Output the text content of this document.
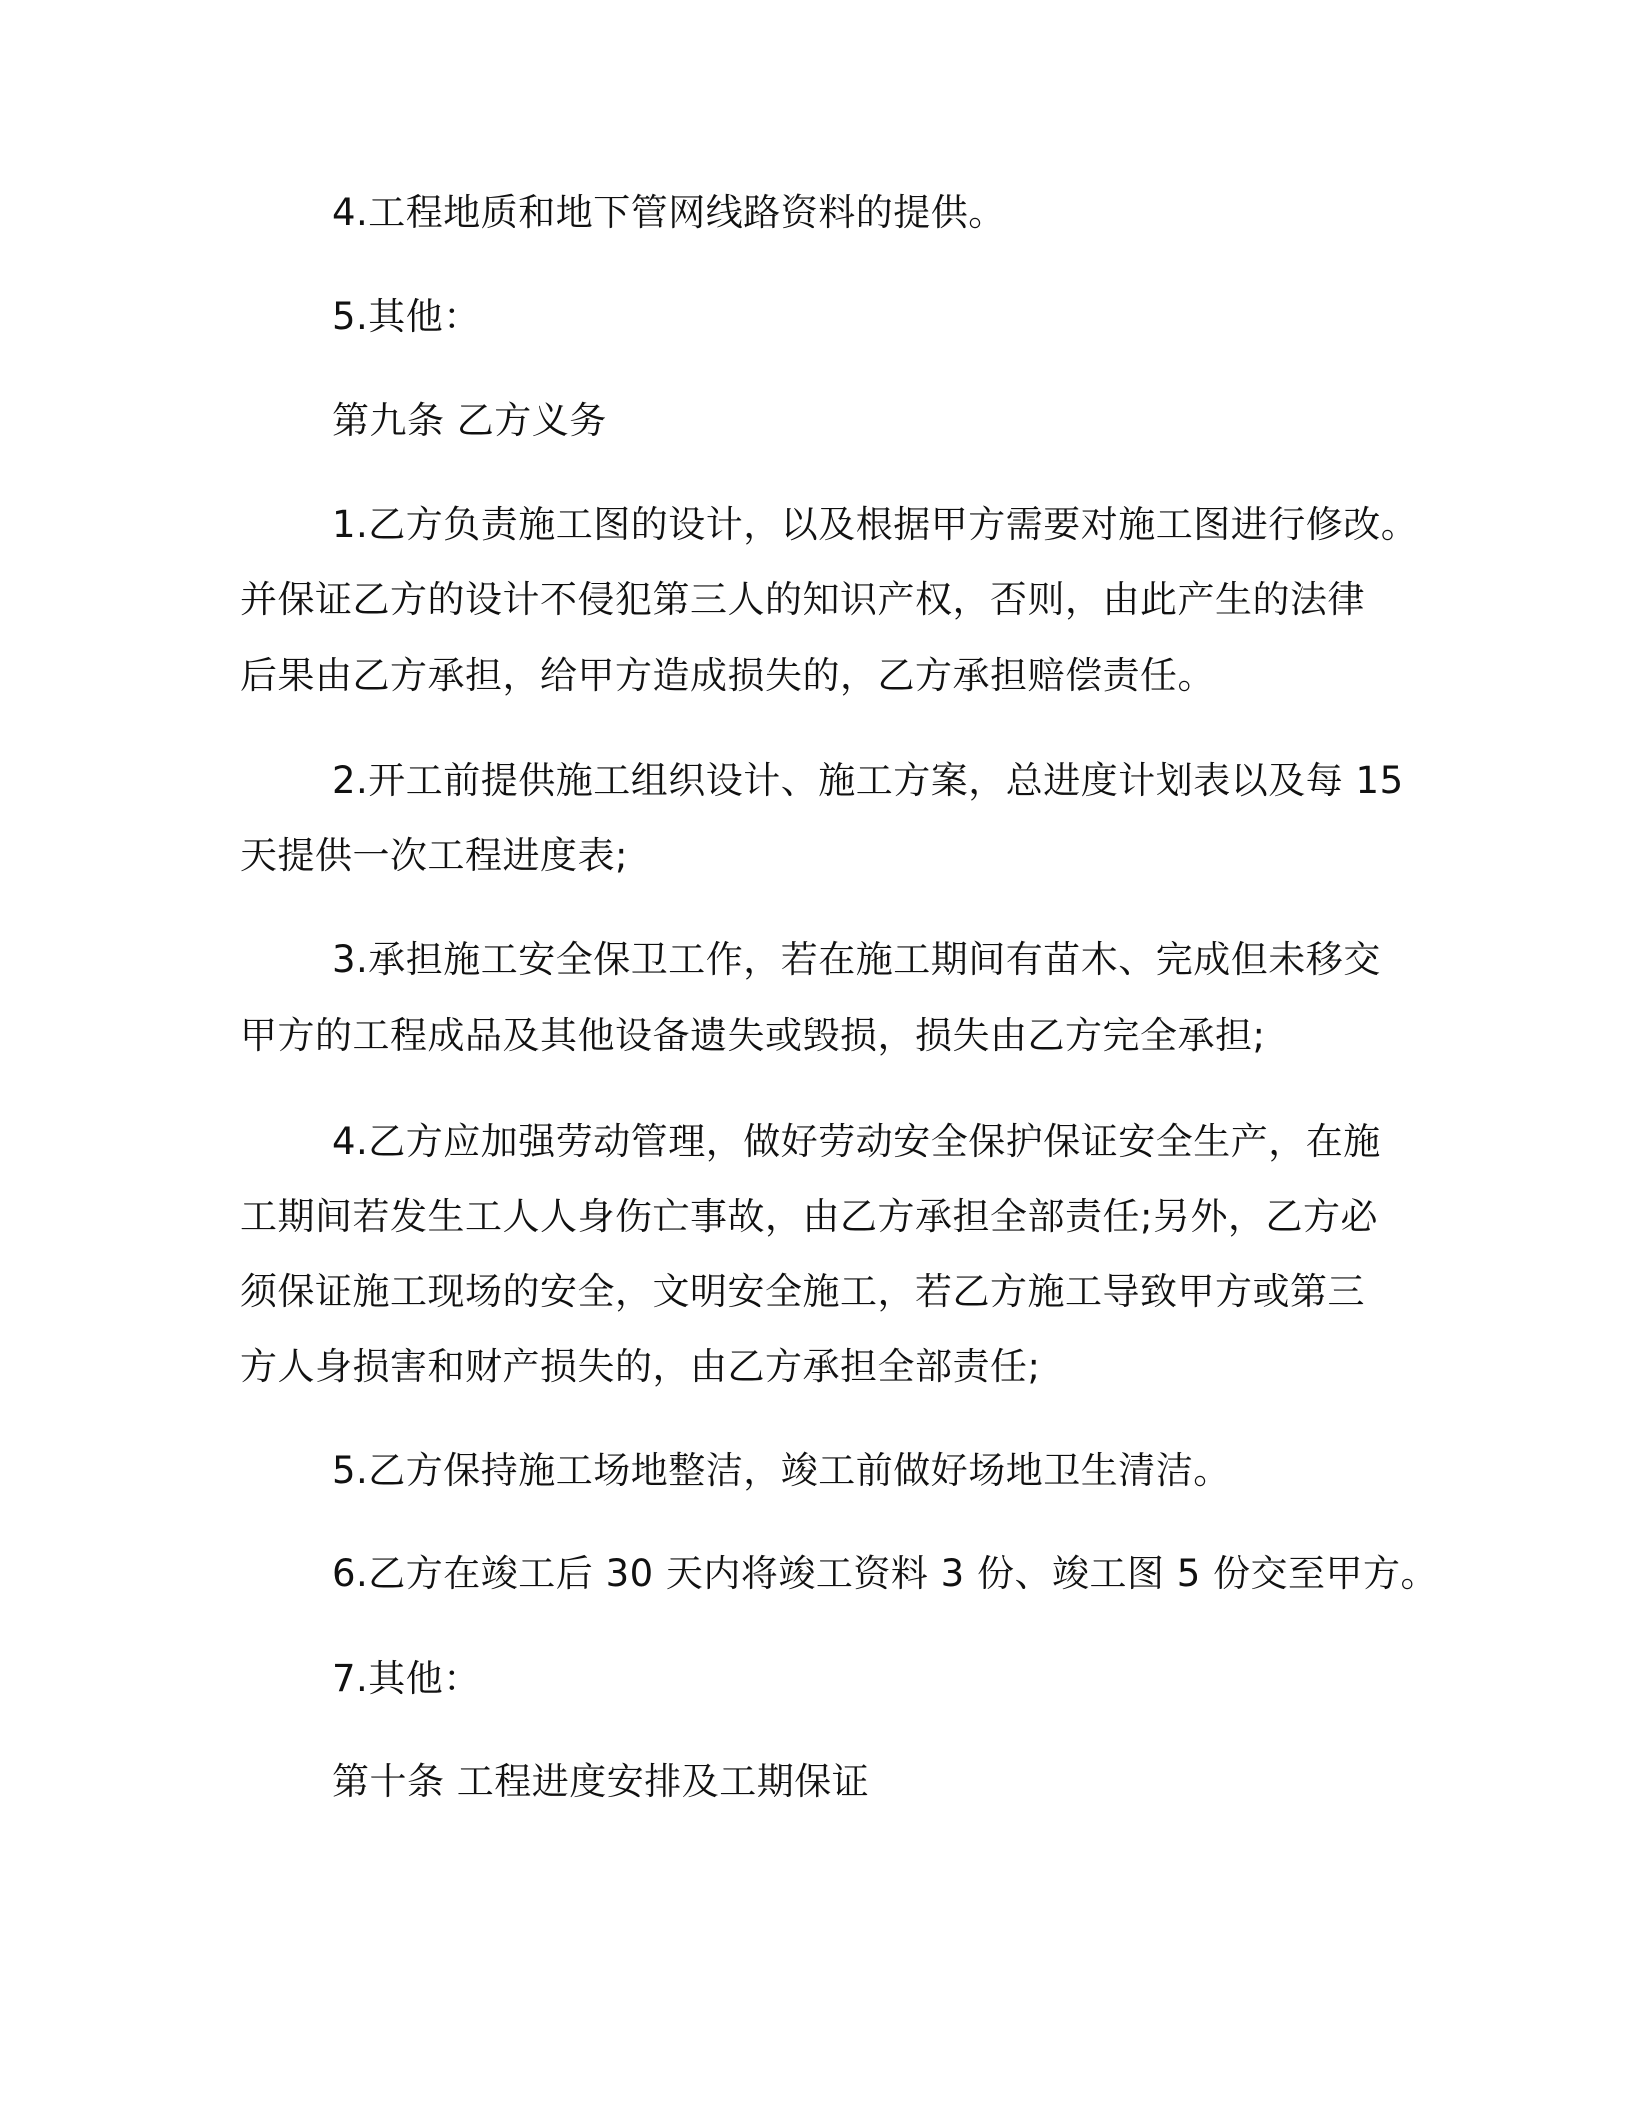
4.工程地质和地下管网线路资料的提供。
5.其他：
第九条 乙方义务
1.乙方负责施工图的设计，以及根据甲方需要对施工图进行修改。
并保证乙方的设计不侵犯第三人的知识产权，否则，由此产生的法律
后果由乙方承担，给甲方造成损失的，乙方承担赔偿责任。
2.开工前提供施工组织设计、施工方案，总进度计划表以及每 15
天提供一次工程进度表;
3.承担施工安全保卫工作，若在施工期间有苗木、完成但未移交
甲方的工程成品及其他设备遗失或毁损，损失由乙方完全承担;
4.乙方应加强劳动管理，做好劳动安全保护保证安全生产，在施
工期间若发生工人人身伤亡事故，由乙方承担全部责任;另外，乙方必
须保证施工现场的安全，文明安全施工，若乙方施工导致甲方或第三
方人身损害和财产损失的，由乙方承担全部责任;
5.乙方保持施工场地整洁，竣工前做好场地卫生清洁。
6.乙方在竣工后 30 天内将竣工资料 3 份、竣工图 5 份交至甲方。
7.其他：
第十条 工程进度安排及工期保证
